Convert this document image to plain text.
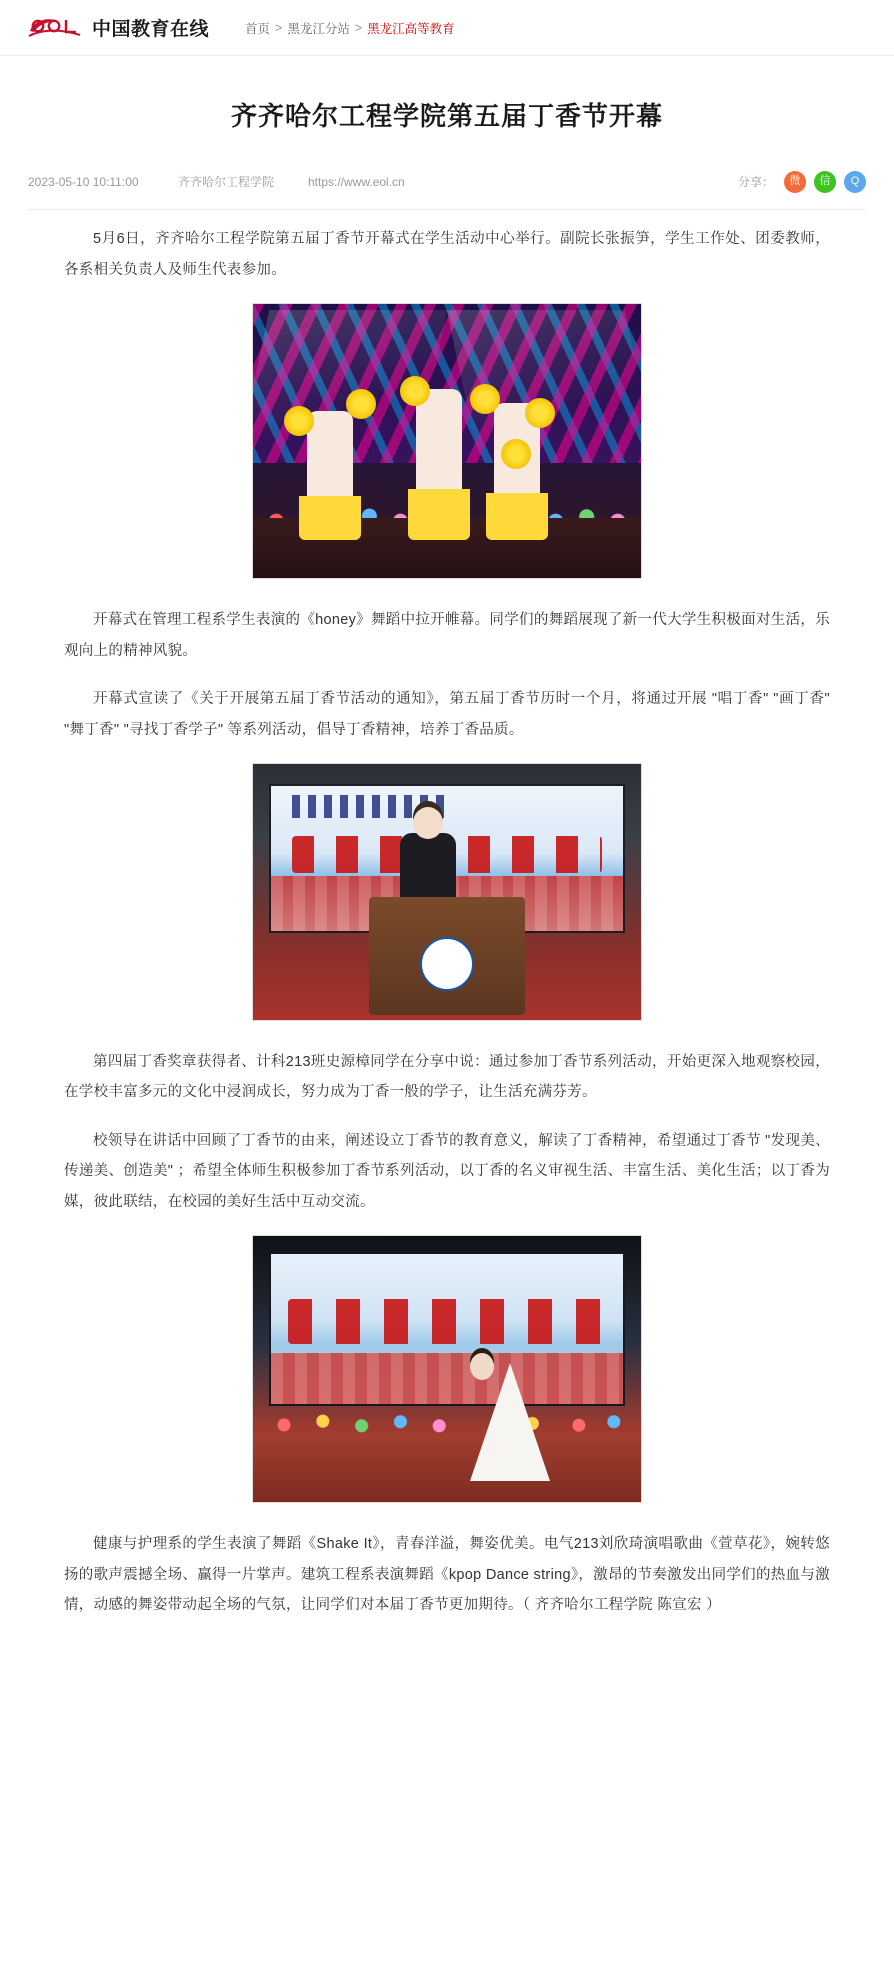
中国教育在线	首页 > 黑龙江分站 > 黑龙江高等教育
齐齐哈尔工程学院第五届丁香节开幕
2023-05-10 10:11:00	齐齐哈尔工程学院	https://www.eol.cn	分享：	微	信	Q

5月6日，齐齐哈尔工程学院第五届丁香节开幕式在学生活动中心举行。副院长张振笋，学生工作处、团委教师，各系相关负责人及师生代表参加。

开幕式在管理工程系学生表演的《honey》舞蹈中拉开帷幕。同学们的舞蹈展现了新一代大学生积极面对生活，乐观向上的精神风貌。

开幕式宣读了《关于开展第五届丁香节活动的通知》，第五届丁香节历时一个月，将通过开展 "唱丁香" "画丁香" "舞丁香" "寻找丁香学子" 等系列活动，倡导丁香精神，培养丁香品质。

第四届丁香奖章获得者、计科213班史源樟同学在分享中说：通过参加丁香节系列活动，开始更深入地观察校园，在学校丰富多元的文化中浸润成长，努力成为丁香一般的学子，让生活充满芬芳。

校领导在讲话中回顾了丁香节的由来，阐述设立丁香节的教育意义，解读了丁香精神，希望通过丁香节 "发现美、传递美、创造美" ；希望全体师生积极参加丁香节系列活动，以丁香的名义审视生活、丰富生活、美化生活；以丁香为媒，彼此联结，在校园的美好生活中互动交流。

健康与护理系的学生表演了舞蹈《Shake It》，青春洋溢，舞姿优美。电气213刘欣琦演唱歌曲《萱草花》，婉转悠扬的歌声震撼全场、赢得一片掌声。建筑工程系表演舞蹈《kpop Dance string》，激昂的节奏激发出同学们的热血与激情，动感的舞姿带动起全场的气氛，让同学们对本届丁香节更加期待。（ 齐齐哈尔工程学院 陈宣宏 ）
